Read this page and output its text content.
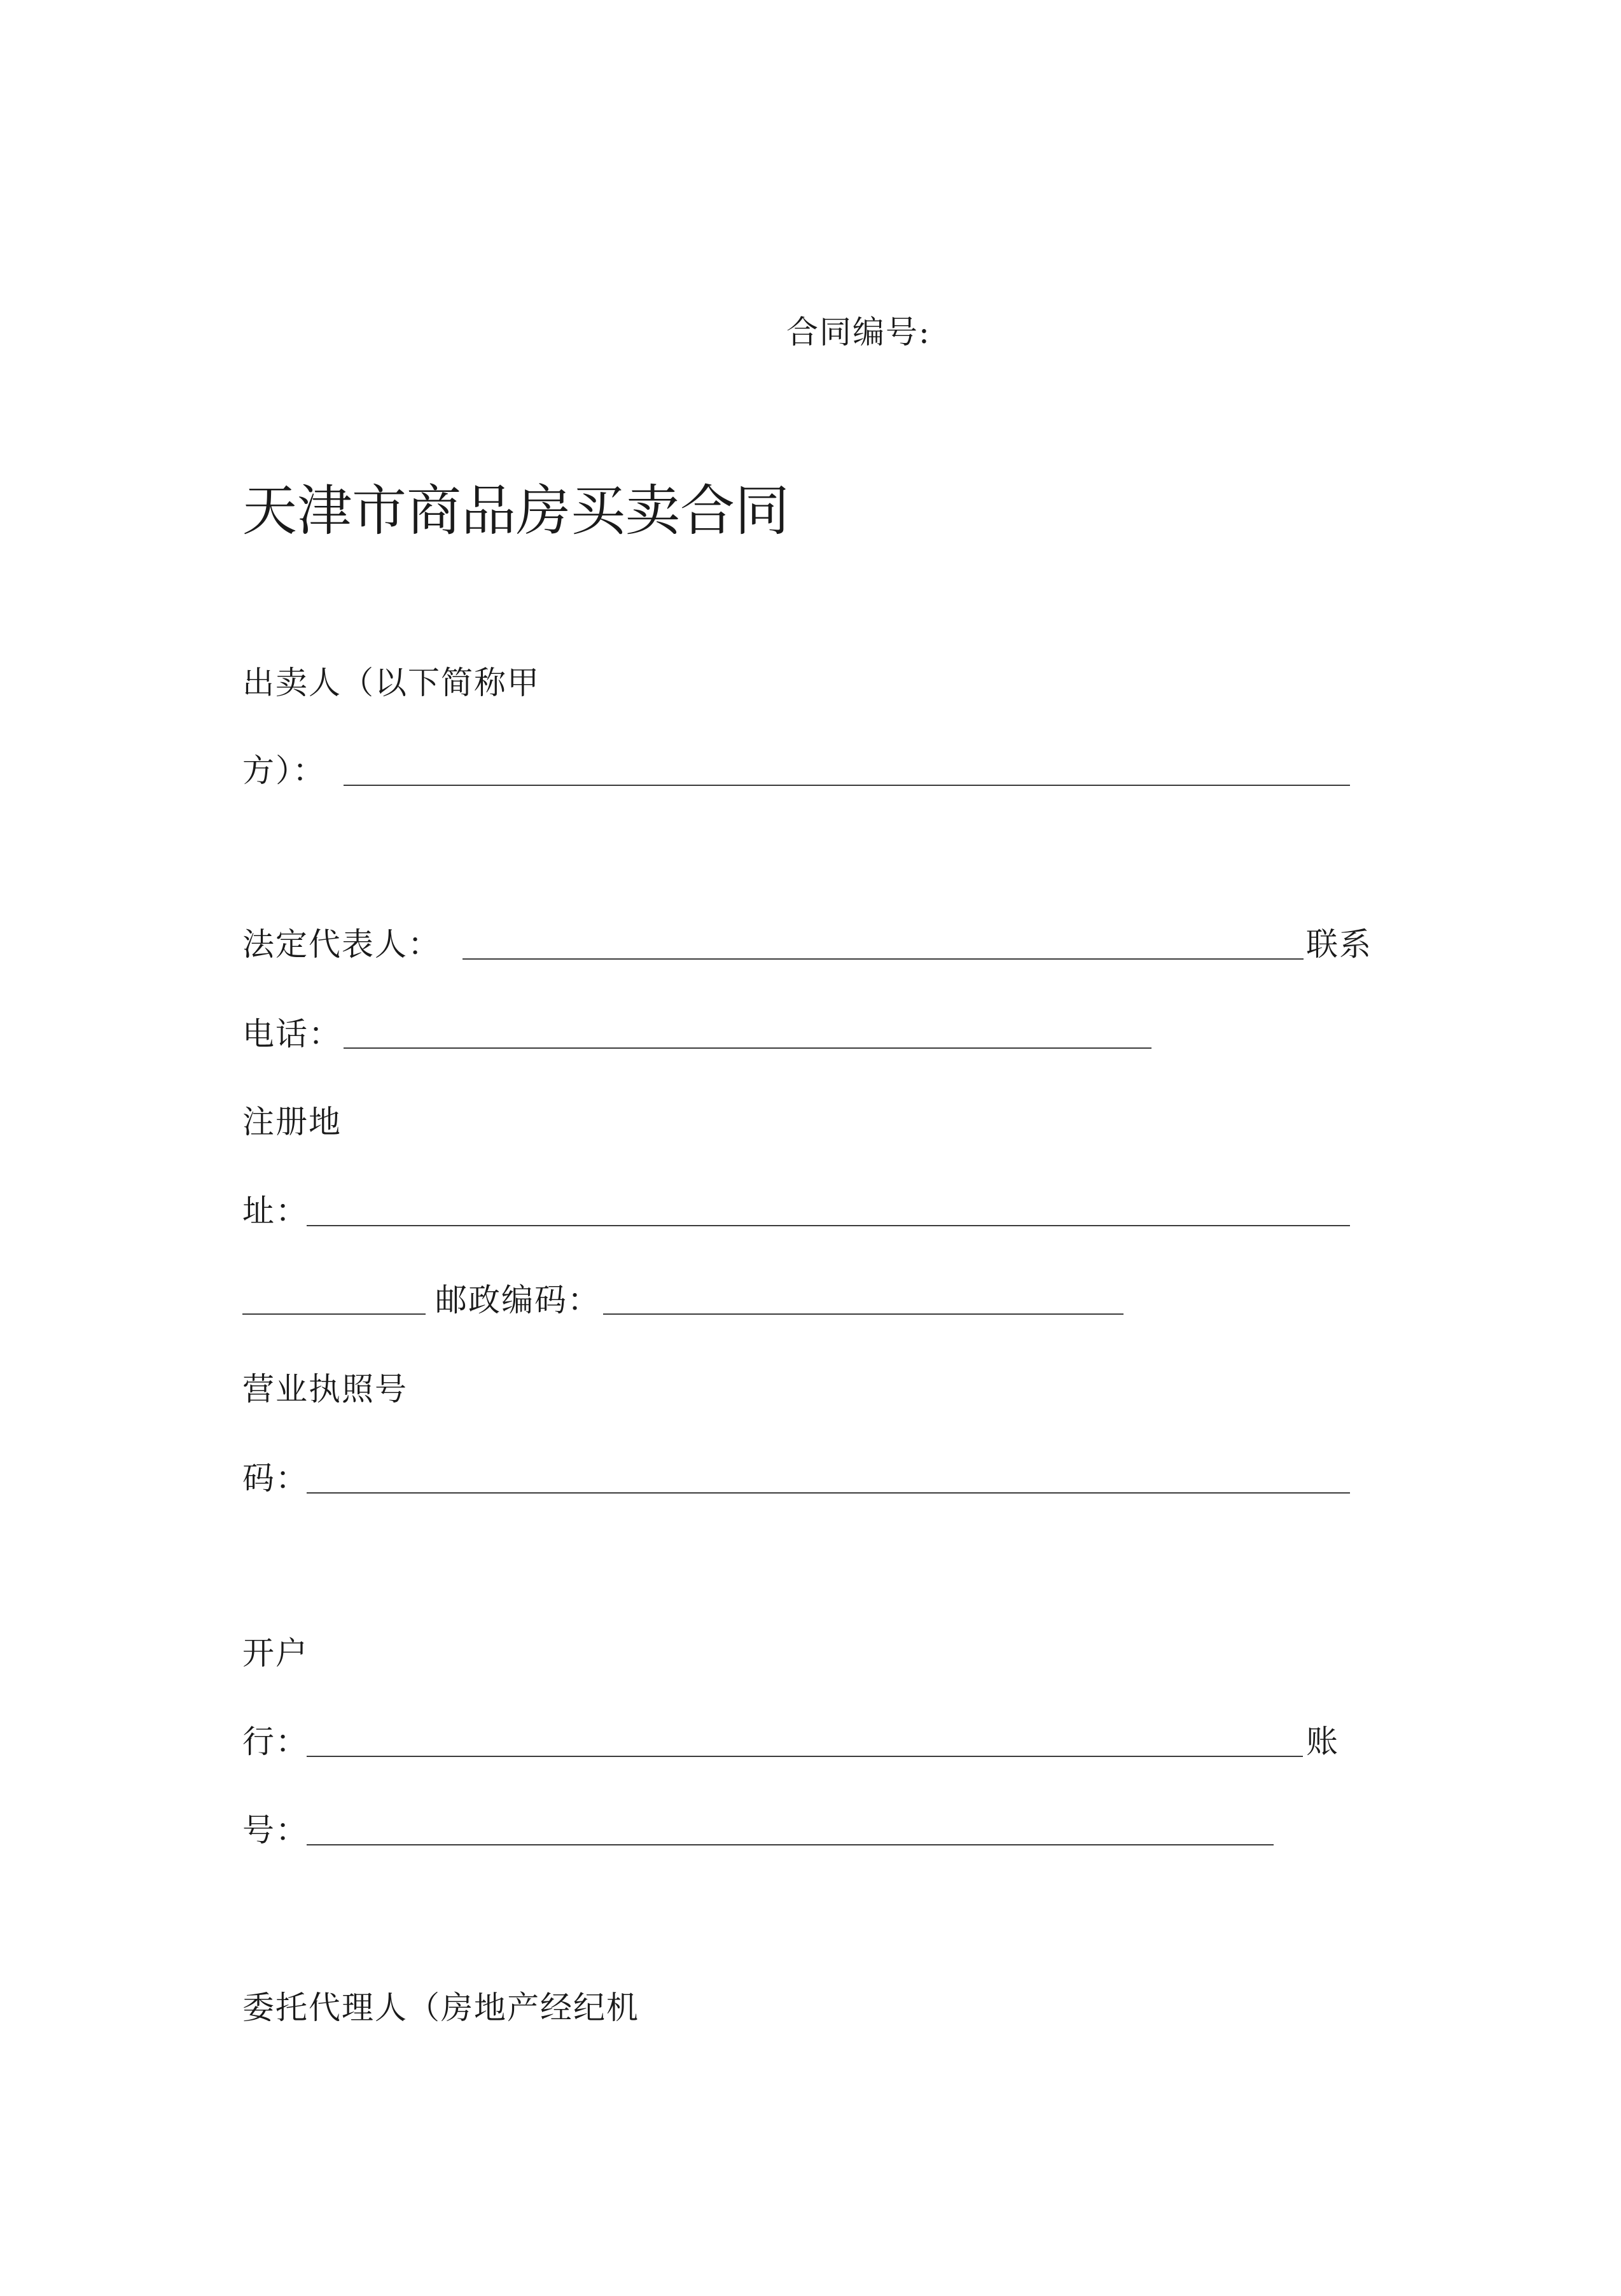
合同编号:
天津市商品房买卖合同
出卖人（以下简称甲
方）：
法定代表人：	联系
电话：
注册地
址：
邮政编码：
营业执照号
码：
开户
行：	账
号：
委托代理人（房地产经纪机
